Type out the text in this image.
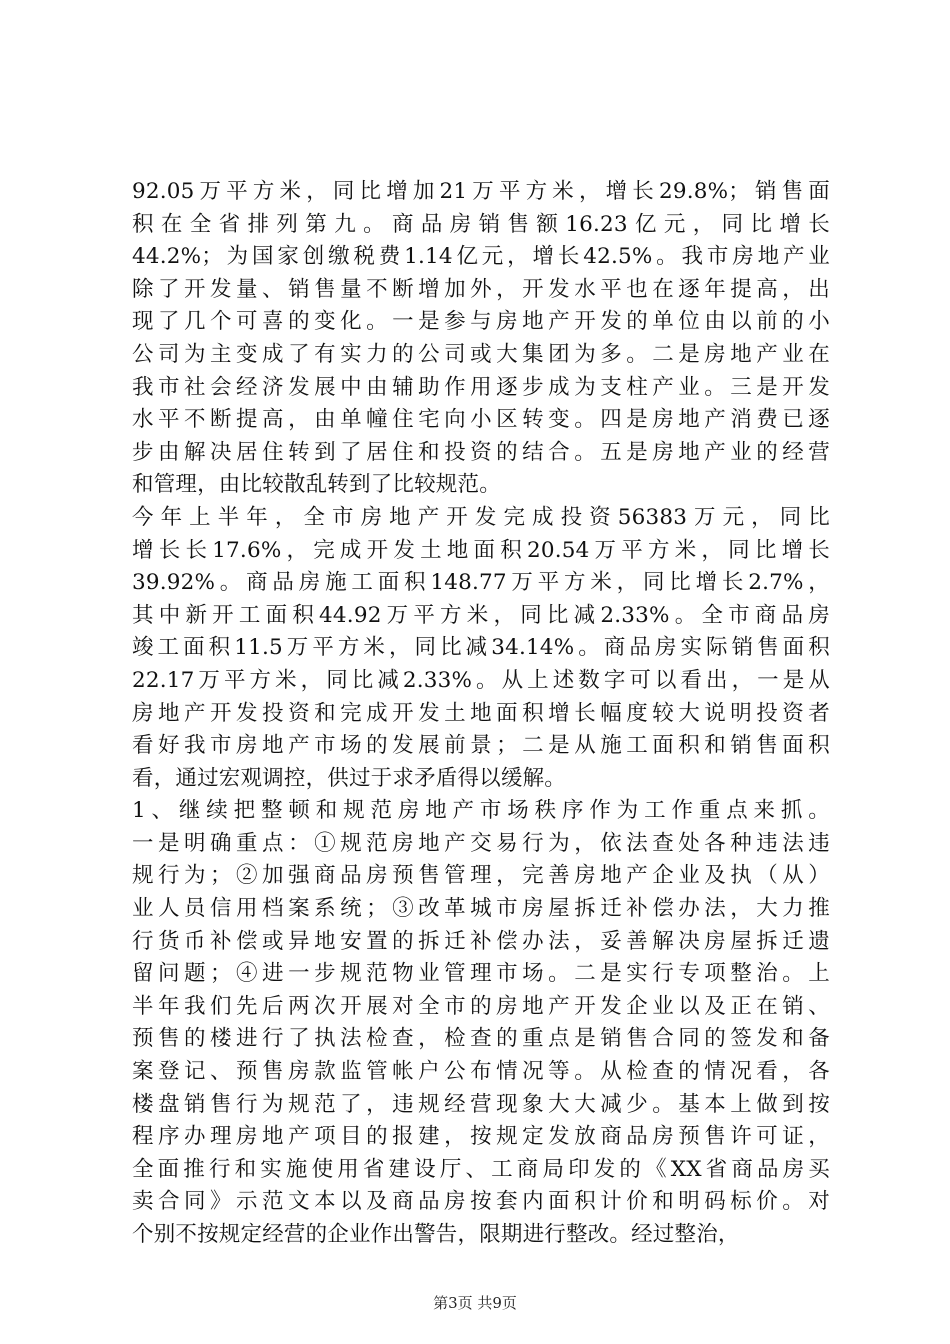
92.05万平方米，同比增加21万平方米，增长29.8%；销售面
积在全省排列第九。商品房销售额16.23亿元，同比增长
44.2%；为国家创缴税费1.14亿元，增长42.5%。我市房地产业
除了开发量、销售量不断增加外，开发水平也在逐年提高，出
现了几个可喜的变化。一是参与房地产开发的单位由以前的小
公司为主变成了有实力的公司或大集团为多。二是房地产业在
我市社会经济发展中由辅助作用逐步成为支柱产业。三是开发
水平不断提高，由单幢住宅向小区转变。四是房地产消费已逐
步由解决居住转到了居住和投资的结合。五是房地产业的经营
和管理，由比较散乱转到了比较规范。
今年上半年，全市房地产开发完成投资56383万元，同比
增长长17.6%，完成开发土地面积20.54万平方米，同比增长
39.92%。商品房施工面积148.77万平方米，同比增长2.7%，
其中新开工面积44.92万平方米，同比减2.33%。全市商品房
竣工面积11.5万平方米，同比减34.14%。商品房实际销售面积
22.17万平方米，同比减2.33%。从上述数字可以看出，一是从
房地产开发投资和完成开发土地面积增长幅度较大说明投资者
看好我市房地产市场的发展前景；二是从施工面积和销售面积
看，通过宏观调控，供过于求矛盾得以缓解。
1、继续把整顿和规范房地产市场秩序作为工作重点来抓。
一是明确重点：①规范房地产交易行为，依法查处各种违法违
规行为；②加强商品房预售管理，完善房地产企业及执（从）
业人员信用档案系统；③改革城市房屋拆迁补偿办法，大力推
行货币补偿或异地安置的拆迁补偿办法，妥善解决房屋拆迁遗
留问题；④进一步规范物业管理市场。二是实行专项整治。上
半年我们先后两次开展对全市的房地产开发企业以及正在销、
预售的楼进行了执法检查，检查的重点是销售合同的签发和备
案登记、预售房款监管帐户公布情况等。从检查的情况看，各
楼盘销售行为规范了，违规经营现象大大减少。基本上做到按
程序办理房地产项目的报建，按规定发放商品房预售许可证，
全面推行和实施使用省建设厅、工商局印发的《XX省商品房买
卖合同》示范文本以及商品房按套内面积计价和明码标价。对
个别不按规定经营的企业作出警告，限期进行整改。经过整治，
第3页 共9页
